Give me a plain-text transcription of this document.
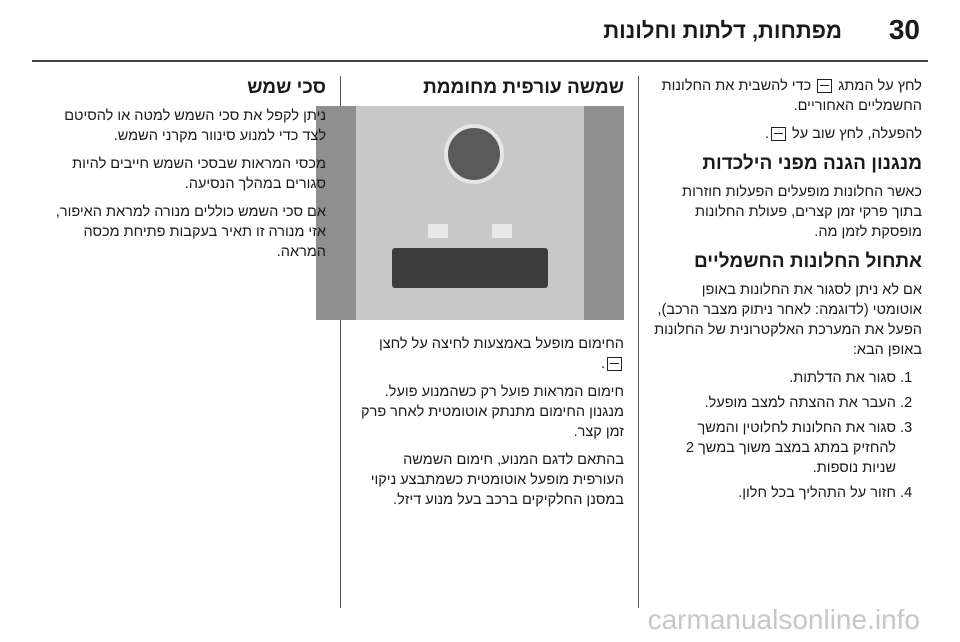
30
מפתחות, דלתות וחלונות

לחץ על המתג  כדי להשבית את החלונות החשמליים האחוריים.

להפעלה, לחץ שוב על .

מנגנון הגנה מפני הילכדות

כאשר החלונות מופעלים הפעלות חוזרות בתוך פרקי זמן קצרים, פעולת החלונות מופסקת לזמן מה.

אתחול החלונות החשמליים

אם לא ניתן לסגור את החלונות באופן אוטומטי (לדוגמה: לאחר ניתוק מצבר הרכב), הפעל את המערכת האלקטרונית של החלונות באופן הבא:

1. סגור את הדלתות.
2. העבר את ההצתה למצב מופעל.
3. סגור את החלונות לחלוטין והמשך להחזיק במתג במצב משוך במשך 2 שניות נוספות.
4. חזור על התהליך בכל חלון.
שמשה עורפית מחוממת

החימום מופעל באמצעות לחיצה על לחצן .

חימום המראות פועל רק כשהמנוע פועל. מנגנון החימום מתנתק אוטומטית לאחר פרק זמן קצר.

בהתאם לדגם המנוע, חימום השמשה העורפית מופעל אוטומטית כשמתבצע ניקוי במסנן החלקיקים ברכב בעל מנוע דיזל.

סכי שמש

ניתן לקפל את סכי השמש למטה או להסיטם לצד כדי למנוע סינוור מקרני השמש.

מכסי המראות שבסכי השמש חייבים להיות סגורים במהלך הנסיעה.

אם סכי השמש כוללים מנורה למראת האיפור, אזי מנורה זו תאיר בעקבות פתיחת מכסה המראה.

carmanualsonline.info
